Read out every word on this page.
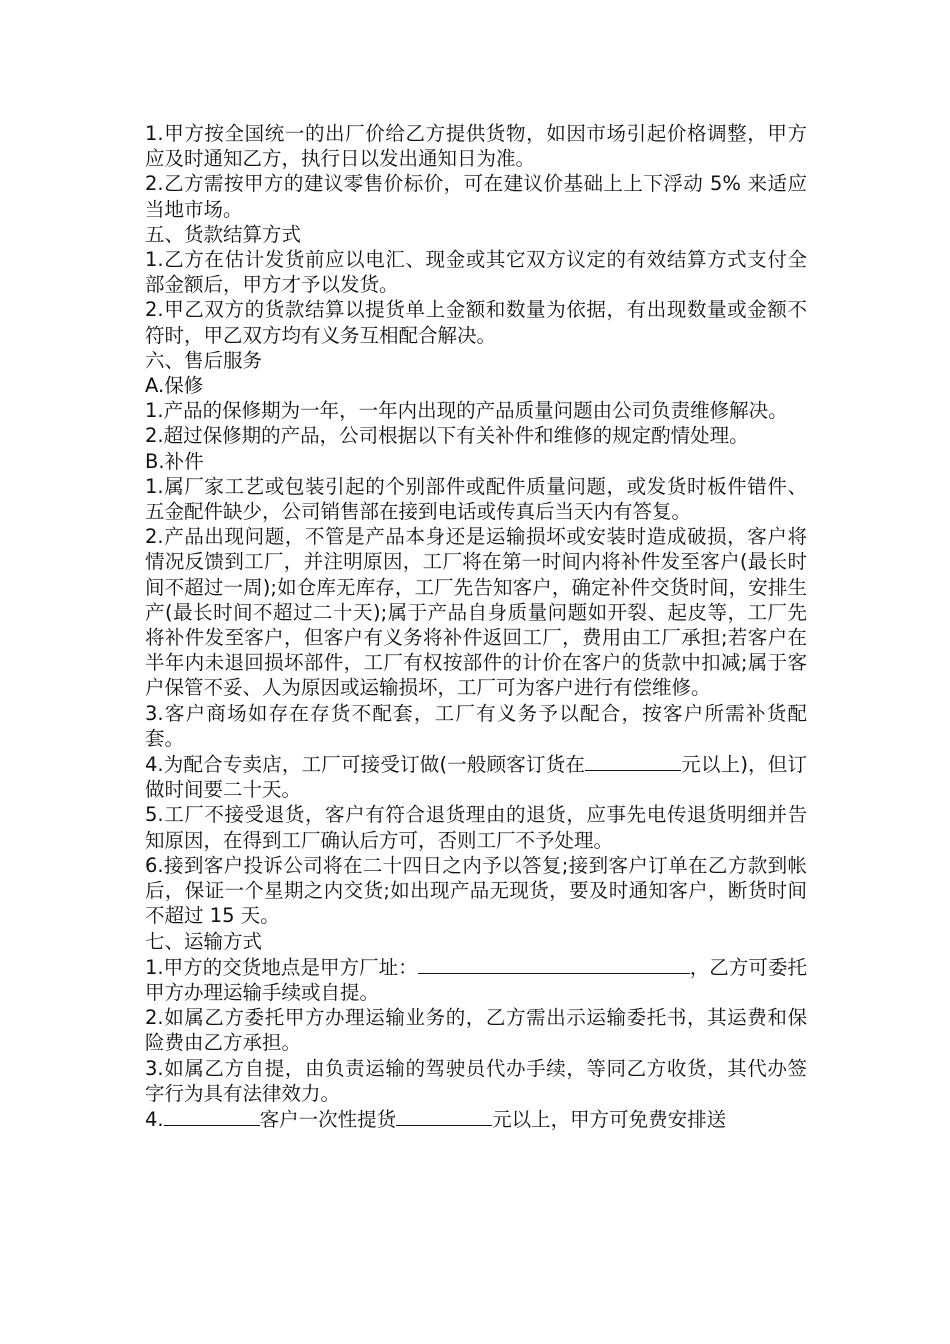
1.甲方按全国统一的出厂价给乙方提供货物，如因市场引起价格调整，甲方应及时通知乙方，执行日以发出通知日为准。

2.乙方需按甲方的建议零售价标价，可在建议价基础上上下浮动 5% 来适应当地市场。

五、货款结算方式

1.乙方在估计发货前应以电汇、现金或其它双方议定的有效结算方式支付全部金额后，甲方才予以发货。

2.甲乙双方的货款结算以提货单上金额和数量为依据，有出现数量或金额不符时，甲乙双方均有义务互相配合解决。

六、售后服务

A.保修

1.产品的保修期为一年，一年内出现的产品质量问题由公司负责维修解决。

2.超过保修期的产品，公司根据以下有关补件和维修的规定酌情处理。

B.补件

1.属厂家工艺或包装引起的个别部件或配件质量问题，或发货时板件错件、五金配件缺少，公司销售部在接到电话或传真后当天内有答复。

2.产品出现问题，不管是产品本身还是运输损坏或安装时造成破损，客户将情况反馈到工厂，并注明原因，工厂将在第一时间内将补件发至客户(最长时间不超过一周);如仓库无库存，工厂先告知客户，确定补件交货时间，安排生产(最长时间不超过二十天);属于产品自身质量问题如开裂、起皮等，工厂先将补件发至客户，但客户有义务将补件返回工厂，费用由工厂承担;若客户在半年内未退回损坏部件，工厂有权按部件的计价在客户的货款中扣减;属于客户保管不妥、人为原因或运输损坏，工厂可为客户进行有偿维修。

3.客户商场如存在存货不配套，工厂有义务予以配合，按客户所需补货配套。

4.为配合专卖店，工厂可接受订做(一般顾客订货在	元以上)，但订做时间要二十天。

5.工厂不接受退货，客户有符合退货理由的退货，应事先电传退货明细并告知原因，在得到工厂确认后方可，否则工厂不予处理。

6.接到客户投诉公司将在二十四日之内予以答复;接到客户订单在乙方款到帐后，保证一个星期之内交货;如出现产品无现货，要及时通知客户，断货时间不超过 15 天。

七、运输方式

1.甲方的交货地点是甲方厂址：	，乙方可委托甲方办理运输手续或自提。

2.如属乙方委托甲方办理运输业务的，乙方需出示运输委托书，其运费和保险费由乙方承担。

3.如属乙方自提，由负责运输的驾驶员代办手续，等同乙方收货，其代办签字行为具有法律效力。

4.	客户一次性提货	元以上，甲方可免费安排送
